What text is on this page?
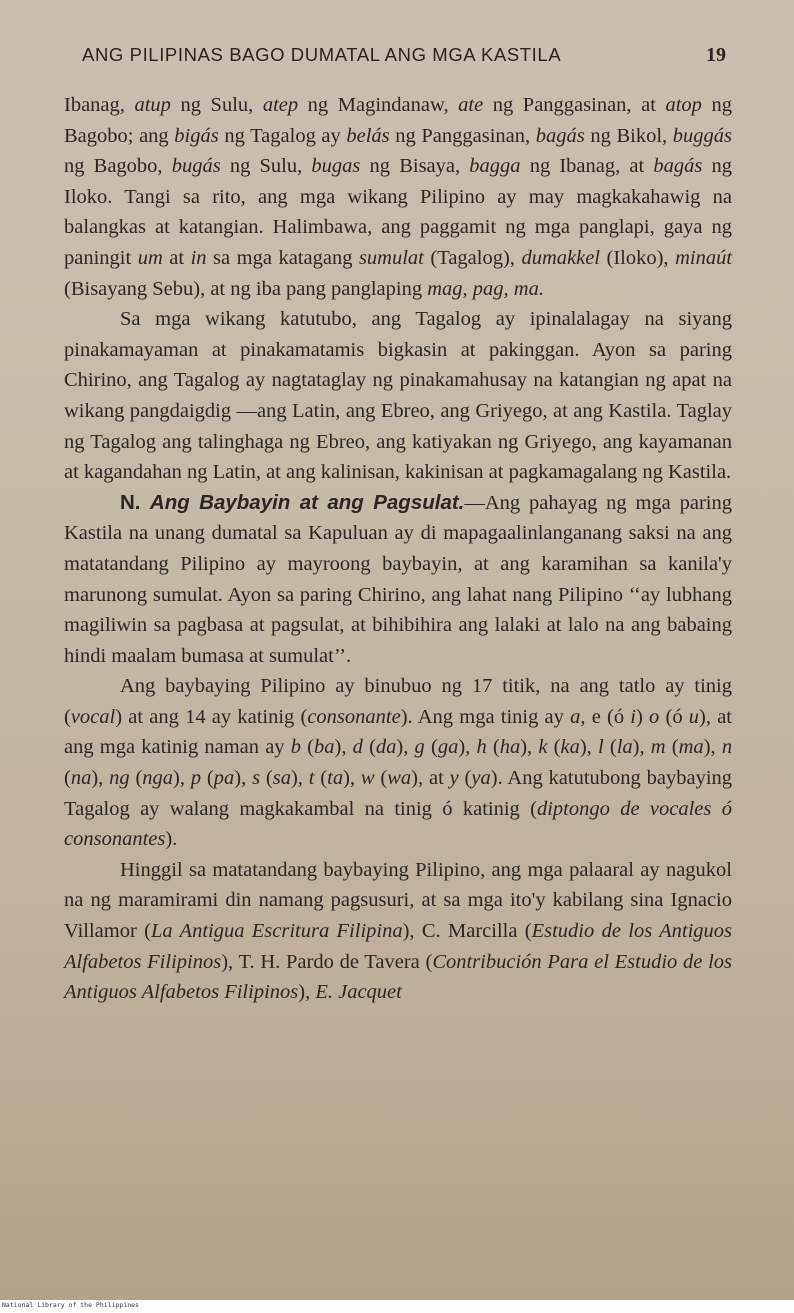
ANG PILIPINAS BAGO DUMATAL ANG MGA KASTILA	19

Ibanag, atup ng Sulu, atep ng Magindanaw, ate ng Panggasinan, at atop ng Bagobo; ang bigás ng Tagalog ay belás ng Panggasinan, bagás ng Bikol, buggás ng Bagobo, bugás ng Sulu, bugas ng Bisaya, bagga ng Ibanag, at bagás ng Iloko. Tangi sa rito, ang mga wikang Pilipino ay may magkakahawig na balangkas at katangian. Halimbawa, ang paggamit ng mga panglapi, gaya ng paningit um at in sa mga katagang sumulat (Tagalog), dumakkel (Iloko), minaút (Bisayang Sebu), at ng iba pang panglaping mag, pag, ma.

Sa mga wikang katutubo, ang Tagalog ay ipinalalagay na siyang pinakamayaman at pinakamatamis bigkasin at pakinggan. Ayon sa paring Chirino, ang Tagalog ay nagtataglay ng pinakamahusay na katangian ng apat na wikang pangdaigdig —ang Latin, ang Ebreo, ang Griyego, at ang Kastila. Taglay ng Tagalog ang talinghaga ng Ebreo, ang katiyakan ng Griyego, ang kayamanan at kagandahan ng Latin, at ang kalinisan, kakinisan at pagkamagalang ng Kastila.

N. Ang Baybayin at ang Pagsulat.—Ang pahayag ng mga paring Kastila na unang dumatal sa Kapuluan ay di mapagaalinlanganang saksi na ang matatandang Pilipino ay mayroong baybayin, at ang karamihan sa kanila'y marunong sumulat. Ayon sa paring Chirino, ang lahat nang Pilipino ‘‘ay lubhang magiliwin sa pagbasa at pagsulat, at bihibihira ang lalaki at lalo na ang babaing hindi maalam bumasa at sumulat’’.

Ang baybaying Pilipino ay binubuo ng 17 titik, na ang tatlo ay tinig (vocal) at ang 14 ay katinig (consonante). Ang mga tinig ay a, e (ó i) o (ó u), at ang mga katinig naman ay b (ba), d (da), g (ga), h (ha), k (ka), l (la), m (ma), n (na), ng (nga), p (pa), s (sa), t (ta), w (wa), at y (ya). Ang katutubong baybaying Tagalog ay walang magkakambal na tinig ó katinig (diptongo de vocales ó consonantes).

Hinggil sa matatandang baybaying Pilipino, ang mga palaaral ay nagukol na ng maramirami din namang pagsusuri, at sa mga ito'y kabilang sina Ignacio Villamor (La Antigua Escritura Filipina), C. Marcilla (Estudio de los Antiguos Alfabetos Filipinos), T. H. Pardo de Tavera (Contribución Para el Estudio de los Antiguos Alfabetos Filipinos), E. Jacquet

National Library of the Philippines
